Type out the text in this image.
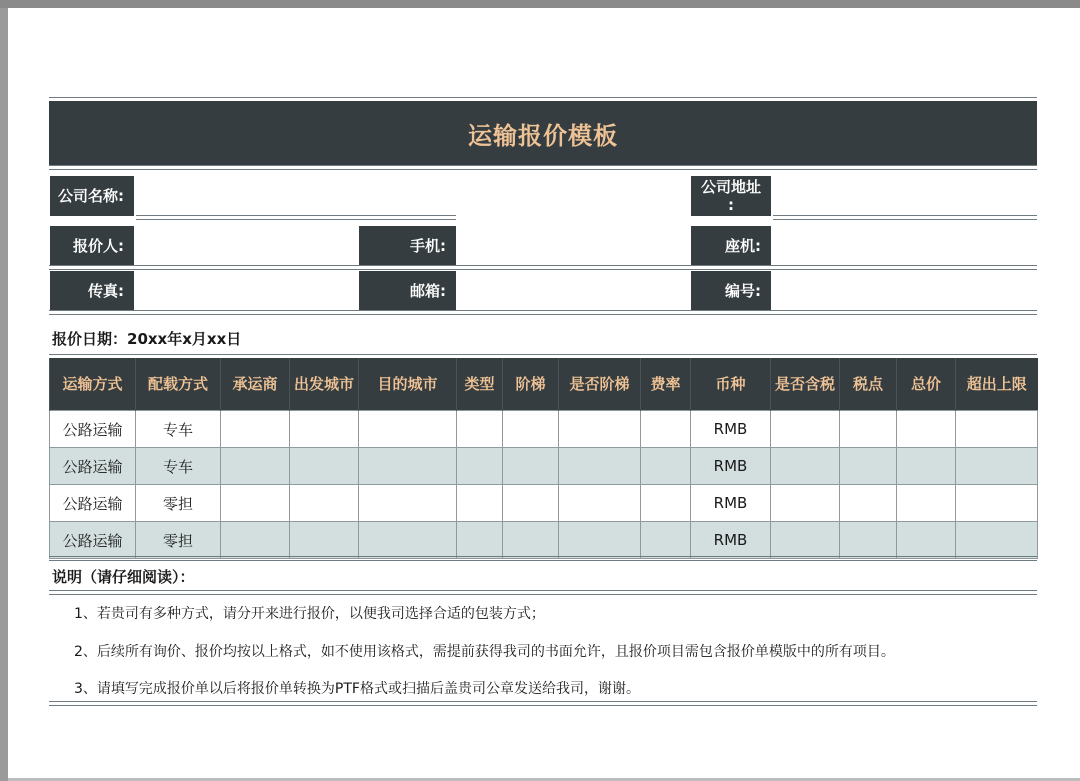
运输报价模板
公司名称:	公司地址
:
报价人:	手机:	座机:
传真:	邮箱:	编号:
报价日期：20xx年x月xx日
运输方式	配载方式	承运商	出发城市	目的城市	类型	阶梯	是否阶梯	费率	币种	是否含税	税点	总价	超出上限
公路运输	专车								RMB				
公路运输	专车								RMB				
公路运输	零担								RMB				
公路运输	零担								RMB				
说明（请仔细阅读）：
1、若贵司有多种方式，请分开来进行报价，以便我司选择合适的包装方式；
2、后续所有询价、报价均按以上格式，如不使用该格式，需提前获得我司的书面允许，且报价项目需包含报价单模版中的所有项目。
3、请填写完成报价单以后将报价单转换为PTF格式或扫描后盖贵司公章发送给我司，谢谢。
